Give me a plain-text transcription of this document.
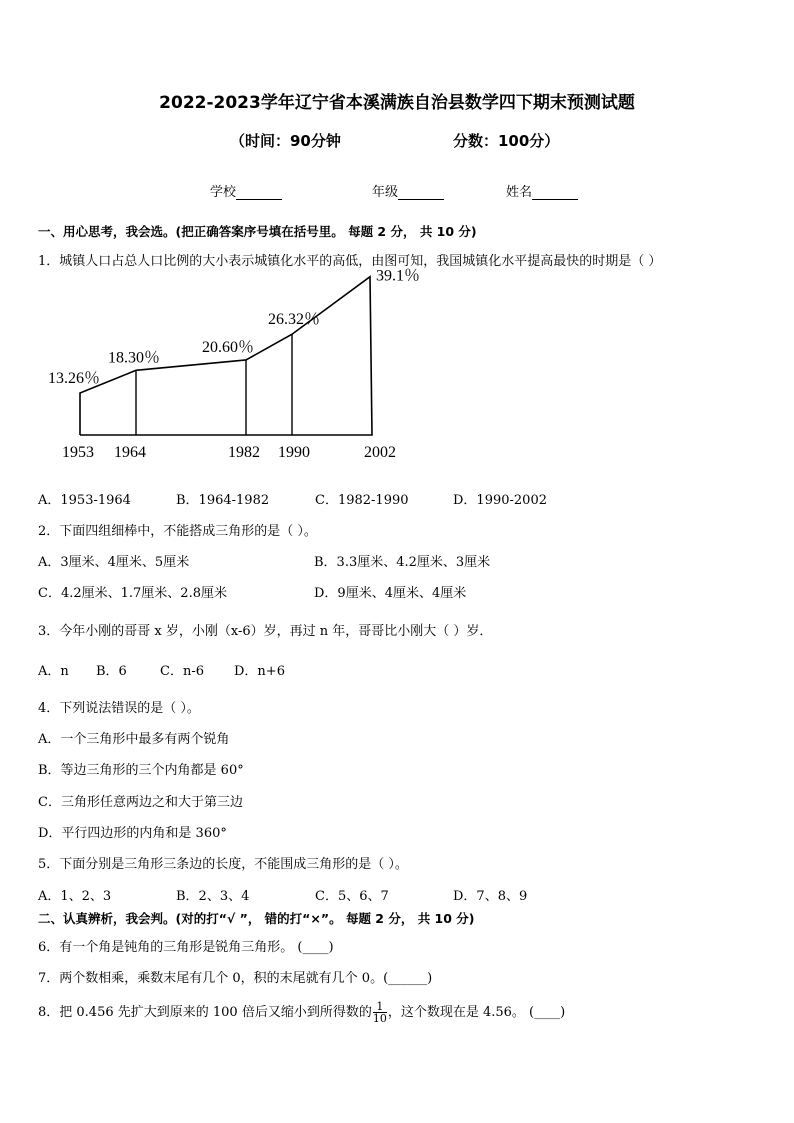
2022-2023学年辽宁省本溪满族自治县数学四下期末预测试题
（时间：90分钟	分数：100分）
学校	年级	姓名
一、用心思考，我会选。(把正确答案序号填在括号里。 每题 2 分， 共 10 分)
1．城镇人口占总人口比例的大小表示城镇化水平的高低，由图可知，我国城镇化水平提高最快的时期是（ ）
13.26％
18.30％
20.60％
26.32％
39.1％
1953 1964	1982 1990	2002
A．1953-1964	B．1964-1982	C．1982-1990	D．1990-2002
2．下面四组细棒中，不能搭成三角形的是（ ）。
A．3厘米、4厘米、5厘米	B．3.3厘米、4.2厘米、3厘米
C．4.2厘米、1.7厘米、2.8厘米	D．9厘米、4厘米、4厘米
3．今年小刚的哥哥 x 岁，小刚（x-6）岁，再过 n 年，哥哥比小刚大（ ）岁．
A．n B．6	C．n-6 D．n+6
4．下列说法错误的是（ ）。
A．一个三角形中最多有两个锐角
B．等边三角形的三个内角都是 60°
C．三角形任意两边之和大于第三边
D．平行四边形的内角和是 360°
5．下面分别是三角形三条边的长度，不能围成三角形的是（ ）。
A．1、2、3	B．2、3、4	C．5、6、7	D．7、8、9
二、认真辨析，我会判。(对的打“√ ”， 错的打“×”。 每题 2 分， 共 10 分)
6．有一个角是钝角的三角形是锐角三角形。 (____)
7．两个数相乘，乘数末尾有几个 0，积的末尾就有几个 0。(______)
8．把 0.456 先扩大到原来的 100 倍后又缩小到所得数的 $\frac{1}{10}$ ，这个数现在是 4.56。 (____)
